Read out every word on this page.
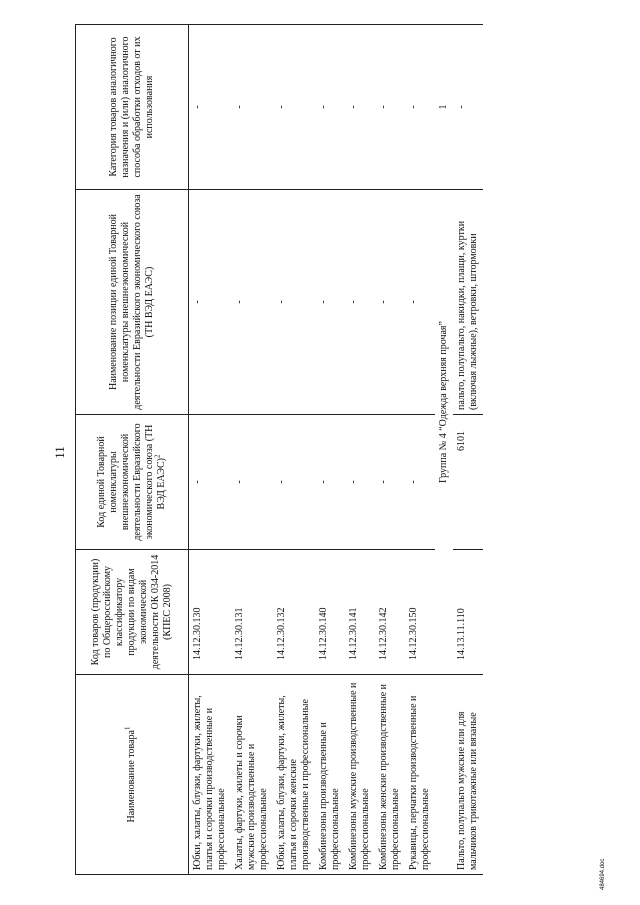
11
Наименование товара$^1$	Код товаров (продукции) по Общероссийскому классификатору продукции по видам экономической деятельности ОК 034-2014 (КПЕС 2008)	Код единой Товарной номенклатуры внешнеэкономической деятельности Евразийского экономического союза (ТН ВЭД ЕАЭС)$^2$	Наименование позиции единой Товарной номенклатуры внешнеэкономической деятельности Евразийского экономического союза (ТН ВЭД ЕАЭС)	Категория товаров аналогичного назначения и (или) аналогичного способа обработки отходов от их использования
Юбки, халаты, блузки, фартуки, жилеты, платья и сорочки производственные и профессиональные	14.12.30.130	-	-	-
Халаты, фартуки, жилеты и сорочки мужские производственные и профессиональные	14.12.30.131	-	-	-
Юбки, халаты, блузки, фартуки, жилеты, платья и сорочки женские производственные и профессиональные	14.12.30.132	-	-	-
Комбинезоны производственные и профессиональные	14.12.30.140	-	-	-
Комбинезоны мужские производственные и профессиональные	14.12.30.141	-	-	-
Комбинезоны женские производственные и профессиональные	14.12.30.142	-	-	-
Рукавицы, перчатки производственные и профессиональные	14.12.30.150	-	-	-
	Группа № 4 “Одежда верхняя прочая”			1
Пальто, полупальто мужские или для мальчиков трикотажные или вязаные	14.13.11.110	6101	пальто, полупальто, накидки, плащи, куртки (включая лыжные), ветровки, штормовки	-
484694.doc
